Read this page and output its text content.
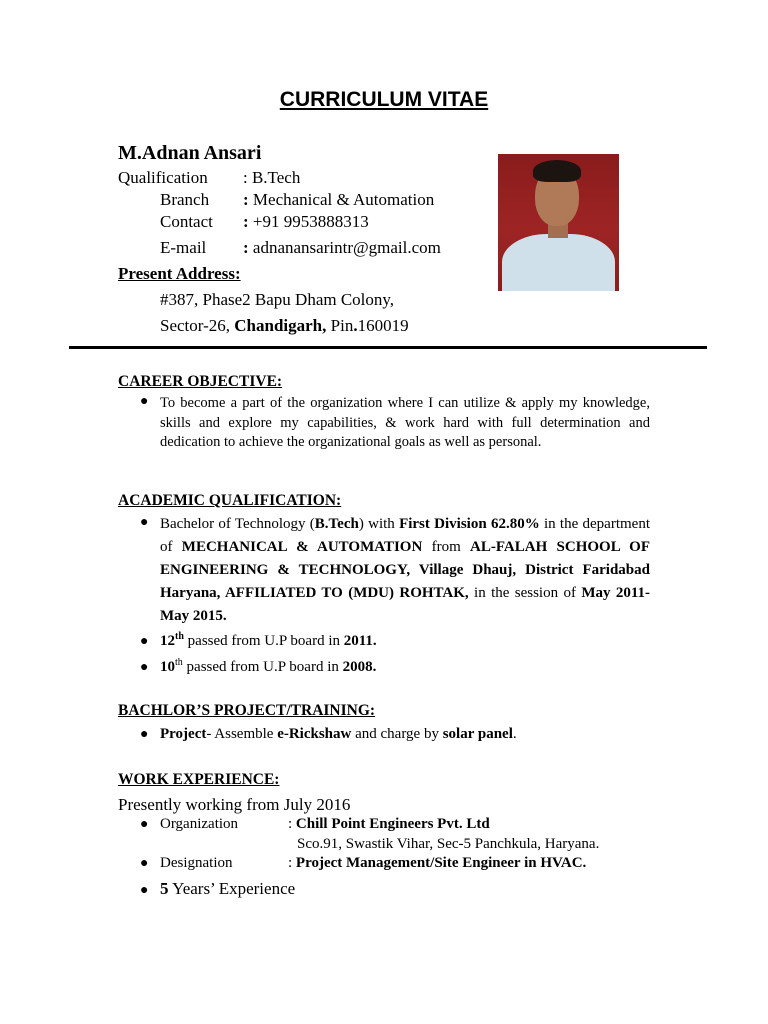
CURRICULUM VITAE
M.Adnan Ansari
Qualification : B.Tech
Branch : Mechanical & Automation
Contact : +91 9953888313
E-mail : adnanansarintr@gmail.com
Present Address:
#387, Phase2 Bapu Dham Colony,
Sector-26, Chandigarh, Pin.160019
CAREER OBJECTIVE:
● To become a part of the organization where I can utilize & apply my knowledge, skills and explore my capabilities, & work hard with full determination and dedication to achieve the organizational goals as well as personal.
ACADEMIC QUALIFICATION:
● Bachelor of Technology (B.Tech) with First Division 62.80% in the department of MECHANICAL & AUTOMATION from AL-FALAH SCHOOL OF ENGINEERING & TECHNOLOGY, Village Dhauj, District Faridabad Haryana, AFFILIATED TO (MDU) ROHTAK, in the session of May 2011- May 2015.
● 12th passed from U.P board in 2011.
● 10th passed from U.P board in 2008.
BACHLOR’S PROJECT/TRAINING:
● Project- Assemble e-Rickshaw and charge by solar panel.
WORK EXPERIENCE:
Presently working from July 2016
● Organization	: Chill Point Engineers Pvt. Ltd
Sco.91, Swastik Vihar, Sec-5 Panchkula, Haryana.
● Designation	: Project Management/Site Engineer in HVAC.
● 5 Years’ Experience
